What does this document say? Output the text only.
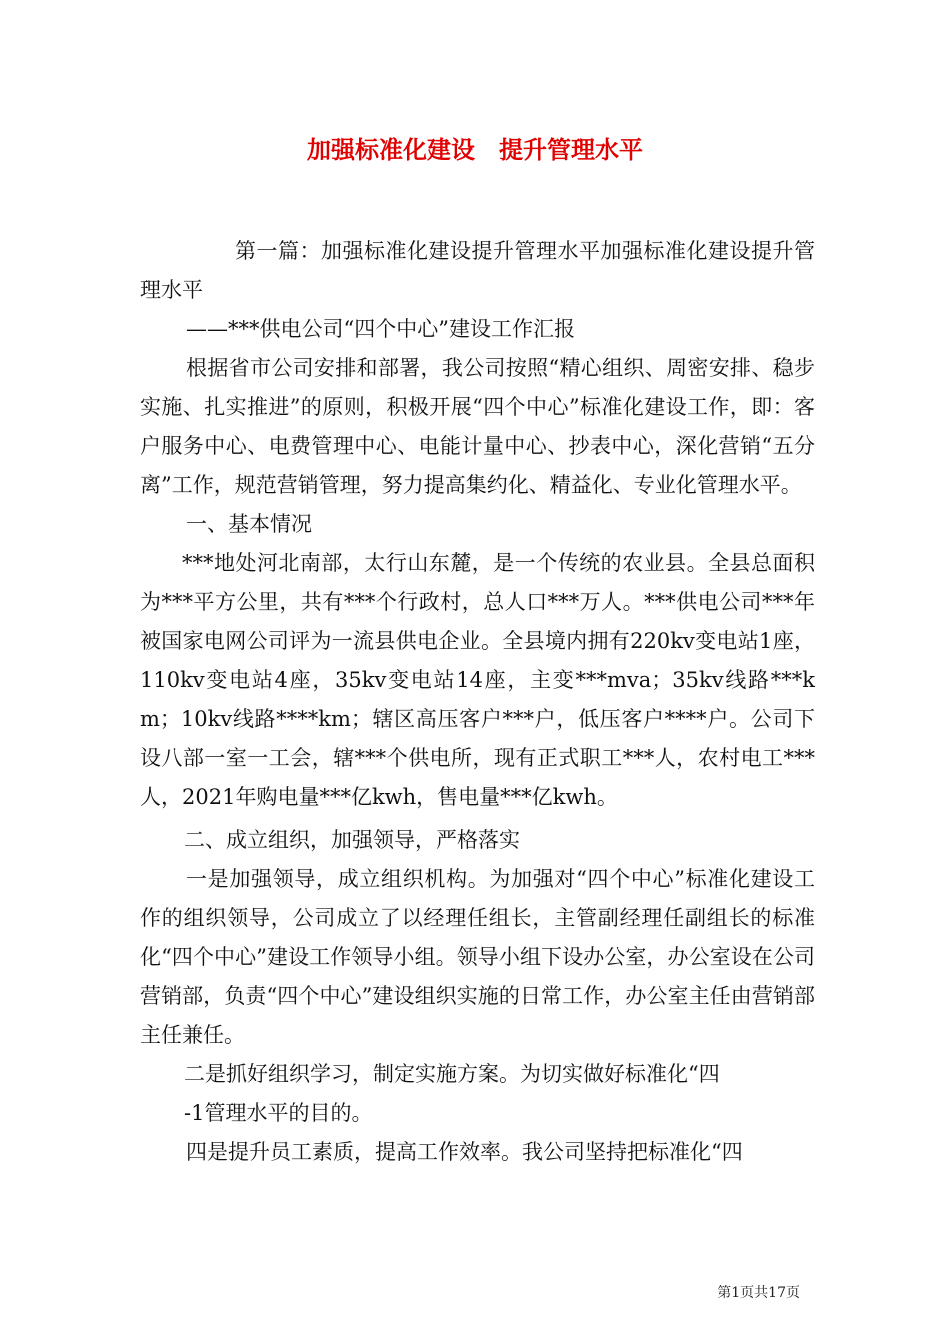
加强标准化建设　提升管理水平

第一篇：加强标准化建设提升管理水平加强标准化建设提升管理水平

——***供电公司“四个中心”建设工作汇报

根据省市公司安排和部署，我公司按照“精心组织、周密安排、稳步实施、扎实推进”的原则，积极开展“四个中心”标准化建设工作，即：客户服务中心、电费管理中心、电能计量中心、抄表中心，深化营销“五分离”工作，规范营销管理，努力提高集约化、精益化、专业化管理水平。

一、基本情况

***地处河北南部，太行山东麓，是一个传统的农业县。全县总面积为***平方公里，共有***个行政村，总人口***万人。***供电公司***年被国家电网公司评为一流县供电企业。全县境内拥有220kv变电站1座，110kv变电站4座，35kv变电站14座，主变***mva；35kv线路***km；10kv线路****km；辖区高压客户***户，低压客户****户。公司下设八部一室一工会，辖***个供电所，现有正式职工***人，农村电工***人，2021年购电量***亿kwh，售电量***亿kwh。

二、成立组织，加强领导，严格落实

一是加强领导，成立组织机构。为加强对“四个中心”标准化建设工作的组织领导，公司成立了以经理任组长，主管副经理任副组长的标准化“四个中心”建设工作领导小组。领导小组下设办公室，办公室设在公司营销部，负责“四个中心”建设组织实施的日常工作，办公室主任由营销部主任兼任。

二是抓好组织学习，制定实施方案。为切实做好标准化“四

-1管理水平的目的。

四是提升员工素质，提高工作效率。我公司坚持把标准化“四

第1页共17页
